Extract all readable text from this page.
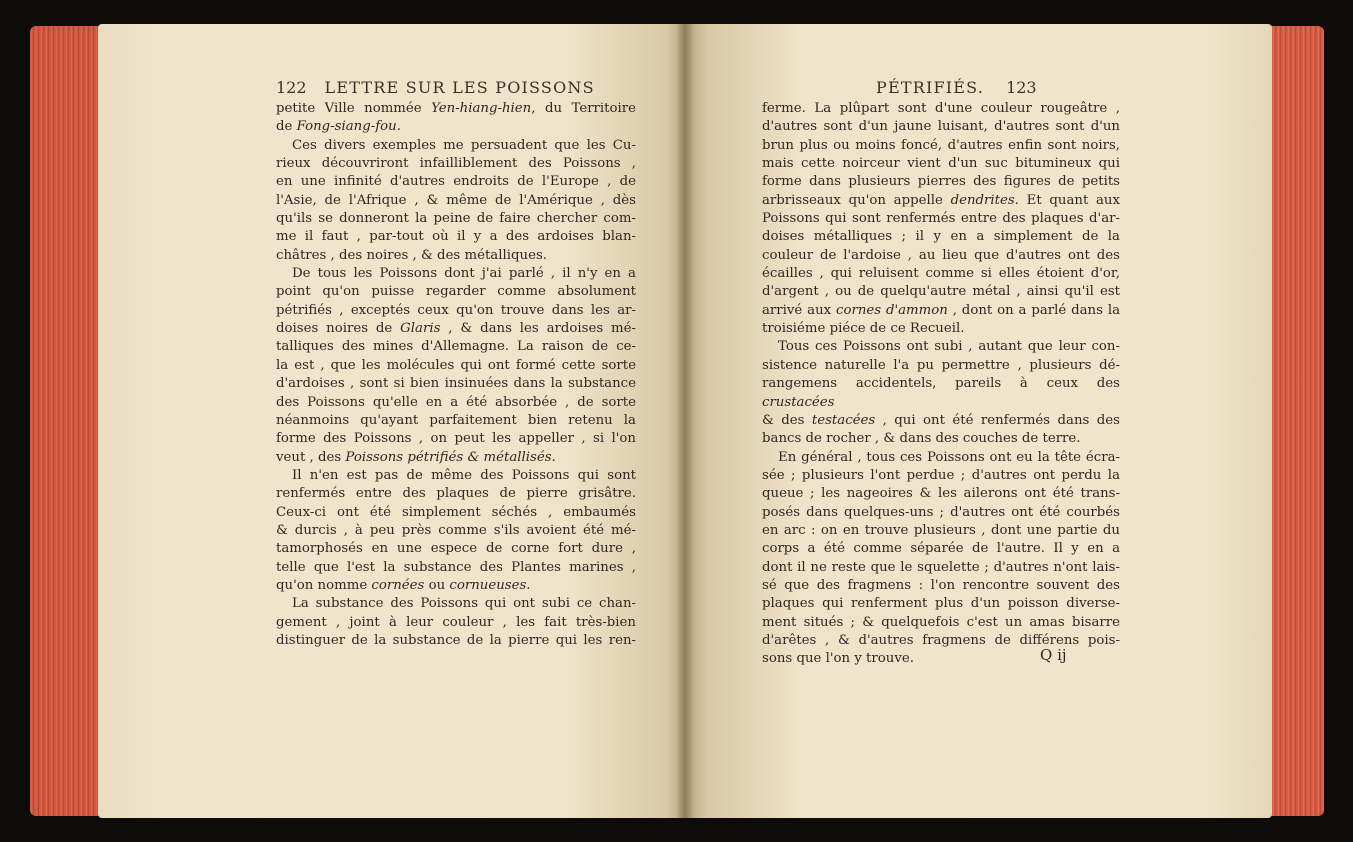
122 LETTRE SUR LES POISSONS	PÉTRIFIÉS. 123

petite Ville nommée Yen-hiang-hien, du Territoire

de Fong-siang-fou.

Ces divers exemples me persuadent que les Cu-

rieux découvriront infailliblement des Poissons ,

en une infinité d'autres endroits de l'Europe , de

l'Asie, de l'Afrique , & même de l'Amérique , dès

qu'ils se donneront la peine de faire chercher com-

me il faut , par-tout où il y a des ardoises blan-

châtres , des noires , & des métalliques.

De tous les Poissons dont j'ai parlé , il n'y en a

point qu'on puisse regarder comme absolument

pétrifiés , exceptés ceux qu'on trouve dans les ar-

doises noires de Glaris , & dans les ardoises mé-

talliques des mines d'Allemagne. La raison de ce-

la est , que les molécules qui ont formé cette sorte

d'ardoises , sont si bien insinuées dans la substance

des Poissons qu'elle en a été absorbée , de sorte

néanmoins qu'ayant parfaitement bien retenu la

forme des Poissons , on peut les appeller , si l'on

veut , des Poissons pétrifiés & métallisés.

Il n'en est pas de même des Poissons qui sont

renfermés entre des plaques de pierre grisâtre.

Ceux-ci ont été simplement séchés , embaumés

& durcis , à peu près comme s'ils avoient été mé-

tamorphosés en une espece de corne fort dure ,

telle que l'est la substance des Plantes marines ,

qu'on nomme cornées ou cornueuses.

La substance des Poissons qui ont subi ce chan-

gement , joint à leur couleur , les fait très-bien

distinguer de la substance de la pierre qui les ren-

ferme. La plûpart sont d'une couleur rougeâtre ,

d'autres sont d'un jaune luisant, d'autres sont d'un

brun plus ou moins foncé, d'autres enfin sont noirs,

mais cette noirceur vient d'un suc bitumineux qui

forme dans plusieurs pierres des figures de petits

arbrisseaux qu'on appelle dendrites. Et quant aux

Poissons qui sont renfermés entre des plaques d'ar-

doises métalliques ; il y en a simplement de la

couleur de l'ardoise , au lieu que d'autres ont des

écailles , qui reluisent comme si elles étoient d'or,

d'argent , ou de quelqu'autre métal , ainsi qu'il est

arrivé aux cornes d'ammon , dont on a parlé dans la

troisiéme piéce de ce Recueil.

Tous ces Poissons ont subi , autant que leur con-

sistence naturelle l'a pu permettre , plusieurs dé-

rangemens accidentels, pareils à ceux des crustacées

& des testacées , qui ont été renfermés dans des

bancs de rocher , & dans des couches de terre.

En général , tous ces Poissons ont eu la tête écra-

sée ; plusieurs l'ont perdue ; d'autres ont perdu la

queue ; les nageoires & les ailerons ont été trans-

posés dans quelques-uns ; d'autres ont été courbés

en arc : on en trouve plusieurs , dont une partie du

corps a été comme séparée de l'autre. Il y en a

dont il ne reste que le squelette ; d'autres n'ont lais-

sé que des fragmens : l'on rencontre souvent des

plaques qui renferment plus d'un poisson diverse-

ment situés ; & quelquefois c'est un amas bisarre

d'arêtes , & d'autres fragmens de différens pois-

sons que l'on y trouve.	Q ij
